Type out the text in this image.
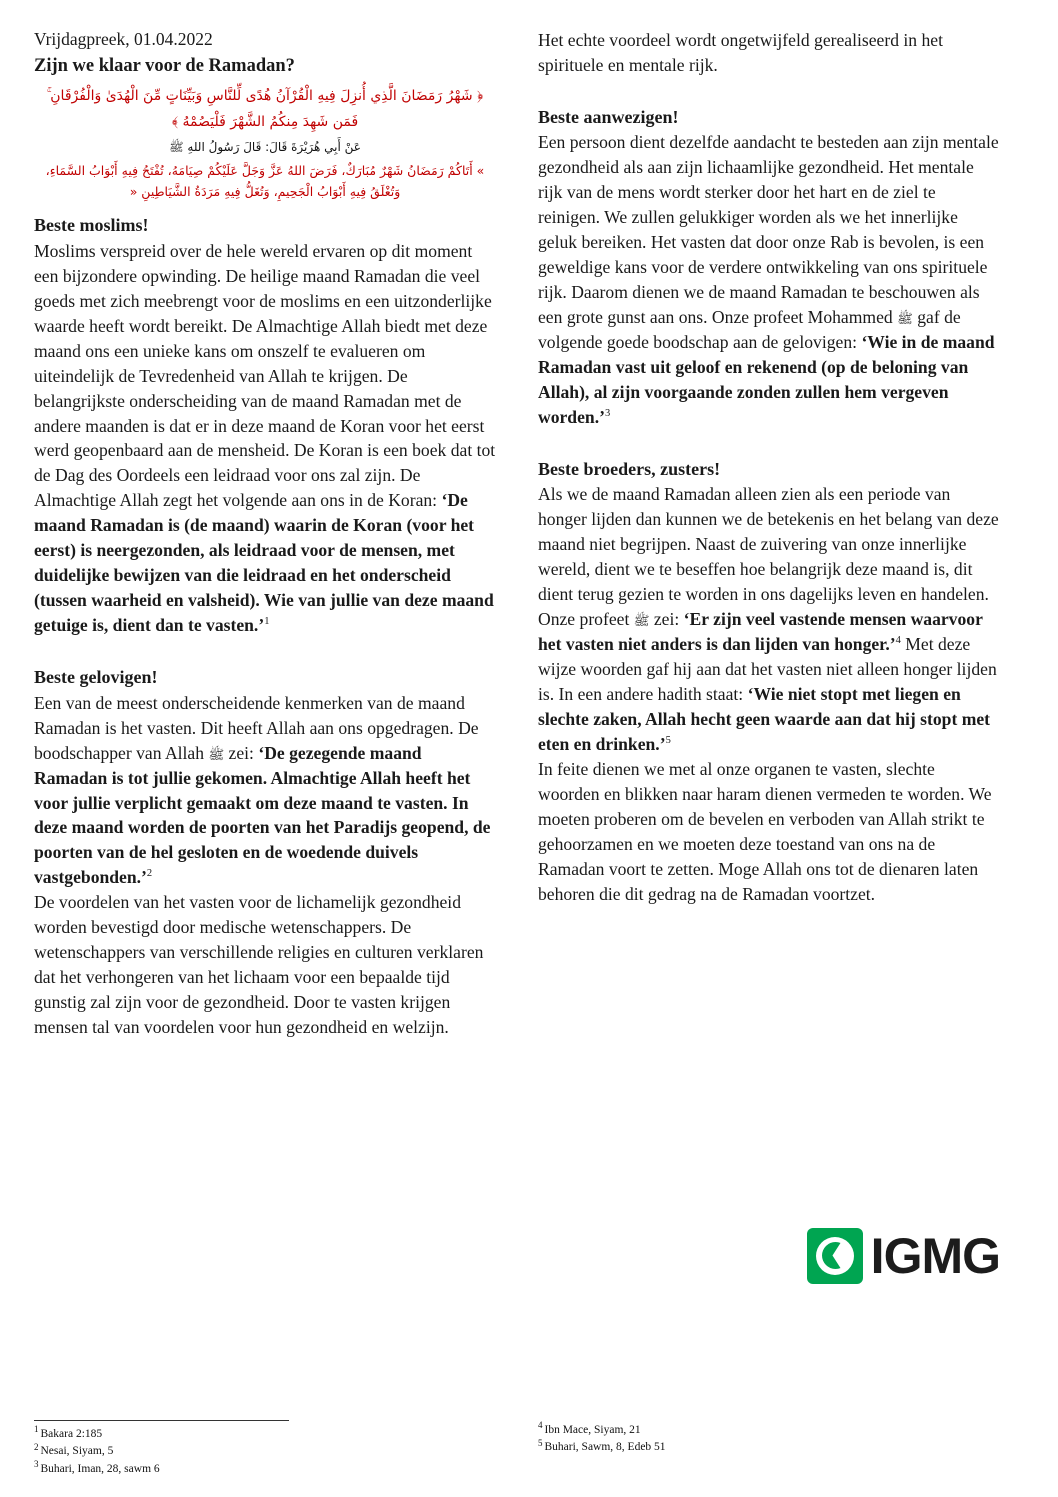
Vrijdagpreek, 01.04.2022
Zijn we klaar voor de Ramadan?
﴿ شَهْرُ رَمَضَانَ الَّذِي أُنزِلَ فِيهِ الْقُرْآنُ هُدًى لِّلنَّاسِ وَبَيِّنَاتٍ مِّنَ الْهُدَىٰ وَالْفُرْقَانِ ۚ فَمَن شَهِدَ مِنكُمُ الشَّهْرَ فَلْيَصُمْهُ ﴾
عَنْ أَبِي هُرَيْرَةَ قَالَ: قَالَ رَسُولُ اللهِ ﷺ
» أَتَاكُمْ رَمَضَانُ شَهْرٌ مُبَارَكٌ، فَرَضَ اللهُ عَزَّ وَجَلَّ عَلَيْكُمْ صِيَامَهُ، تُفْتَحُ فِيهِ أَبْوَابُ السَّمَاءِ، وَتُغْلَقُ فِيهِ أَبْوَابُ الْجَحِيمِ، وَتُغَلُّ فِيهِ مَرَدَةُ الشَّيَاطِينِ «
Beste moslims!

Moslims verspreid over de hele wereld ervaren op dit moment een bijzondere opwinding. De heilige maand Ramadan die veel goeds met zich meebrengt voor de moslims en een uitzonderlijke waarde heeft wordt bereikt. De Almachtige Allah biedt met deze maand ons een unieke kans om onszelf te evalueren om uiteindelijk de Tevredenheid van Allah te krijgen. De belangrijkste onderscheiding van de maand Ramadan met de andere maanden is dat er in deze maand de Koran voor het eerst werd geopenbaard aan de mensheid. De Koran is een boek dat tot de Dag des Oordeels een leidraad voor ons zal zijn. De Almachtige Allah zegt het volgende aan ons in de Koran: ‘De maand Ramadan is (de maand) waarin de Koran (voor het eerst) is neergezonden, als leidraad voor de mensen, met duidelijke bewijzen van die leidraad en het onderscheid (tussen waarheid en valsheid). Wie van jullie van deze maand getuige is, dient dan te vasten.’$^1$

Beste gelovigen!

Een van de meest onderscheidende kenmerken van de maand Ramadan is het vasten. Dit heeft Allah aan ons opgedragen. De boodschapper van Allah ﷺ zei: ‘De gezegende maand Ramadan is tot jullie gekomen. Almachtige Allah heeft het voor jullie verplicht gemaakt om deze maand te vasten. In deze maand worden de poorten van het Paradijs geopend, de poorten van de hel gesloten en de woedende duivels vastgebonden.’$^2$

De voordelen van het vasten voor de lichamelijk gezondheid worden bevestigd door medische wetenschappers. De wetenschappers van verschillende religies en culturen verklaren dat het verhongeren van het lichaam voor een bepaalde tijd gunstig zal zijn voor de gezondheid. Door te vasten krijgen mensen tal van voordelen voor hun gezondheid en welzijn.

Het echte voordeel wordt ongetwijfeld gerealiseerd in het spirituele en mentale rijk.

Beste aanwezigen!

Een persoon dient dezelfde aandacht te besteden aan zijn mentale gezondheid als aan zijn lichaamlijke gezondheid. Het mentale rijk van de mens wordt sterker door het hart en de ziel te reinigen. We zullen gelukkiger worden als we het innerlijke geluk bereiken. Het vasten dat door onze Rab is bevolen, is een geweldige kans voor de verdere ontwikkeling van ons spirituele rijk. Daarom dienen we de maand Ramadan te beschouwen als een grote gunst aan ons. Onze profeet Mohammed ﷺ gaf de volgende goede boodschap aan de gelovigen: ‘Wie in de maand Ramadan vast uit geloof en rekenend (op de beloning van Allah), al zijn voorgaande zonden zullen hem vergeven worden.’$^3$

Beste broeders, zusters!

Als we de maand Ramadan alleen zien als een periode van honger lijden dan kunnen we de betekenis en het belang van deze maand niet begrijpen. Naast de zuivering van onze innerlijke wereld, dient we te beseffen hoe belangrijk deze maand is, dit dient terug gezien te worden in ons dagelijks leven en handelen. Onze profeet ﷺ zei: ‘Er zijn veel vastende mensen waarvoor het vasten niet anders is dan lijden van honger.’$^4$ Met deze wijze woorden gaf hij aan dat het vasten niet alleen honger lijden is. In een andere hadith staat: ‘Wie niet stopt met liegen en slechte zaken, Allah hecht geen waarde aan dat hij stopt met eten en drinken.’$^5$

In feite dienen we met al onze organen te vasten, slechte woorden en blikken naar haram dienen vermeden te worden. We moeten proberen om de bevelen en verboden van Allah strikt te gehoorzamen en we moeten deze toestand van ons na de Ramadan voort te zetten. Moge Allah ons tot de dienaren laten behoren die dit gedrag na de Ramadan voortzet.

IGMG
$^1$ Bakara 2:185
$^2$ Nesai, Siyam, 5
$^3$ Buhari, Iman, 28, sawm 6
$^4$ Ibn Mace, Siyam, 21
$^5$ Buhari, Sawm, 8, Edeb 51
